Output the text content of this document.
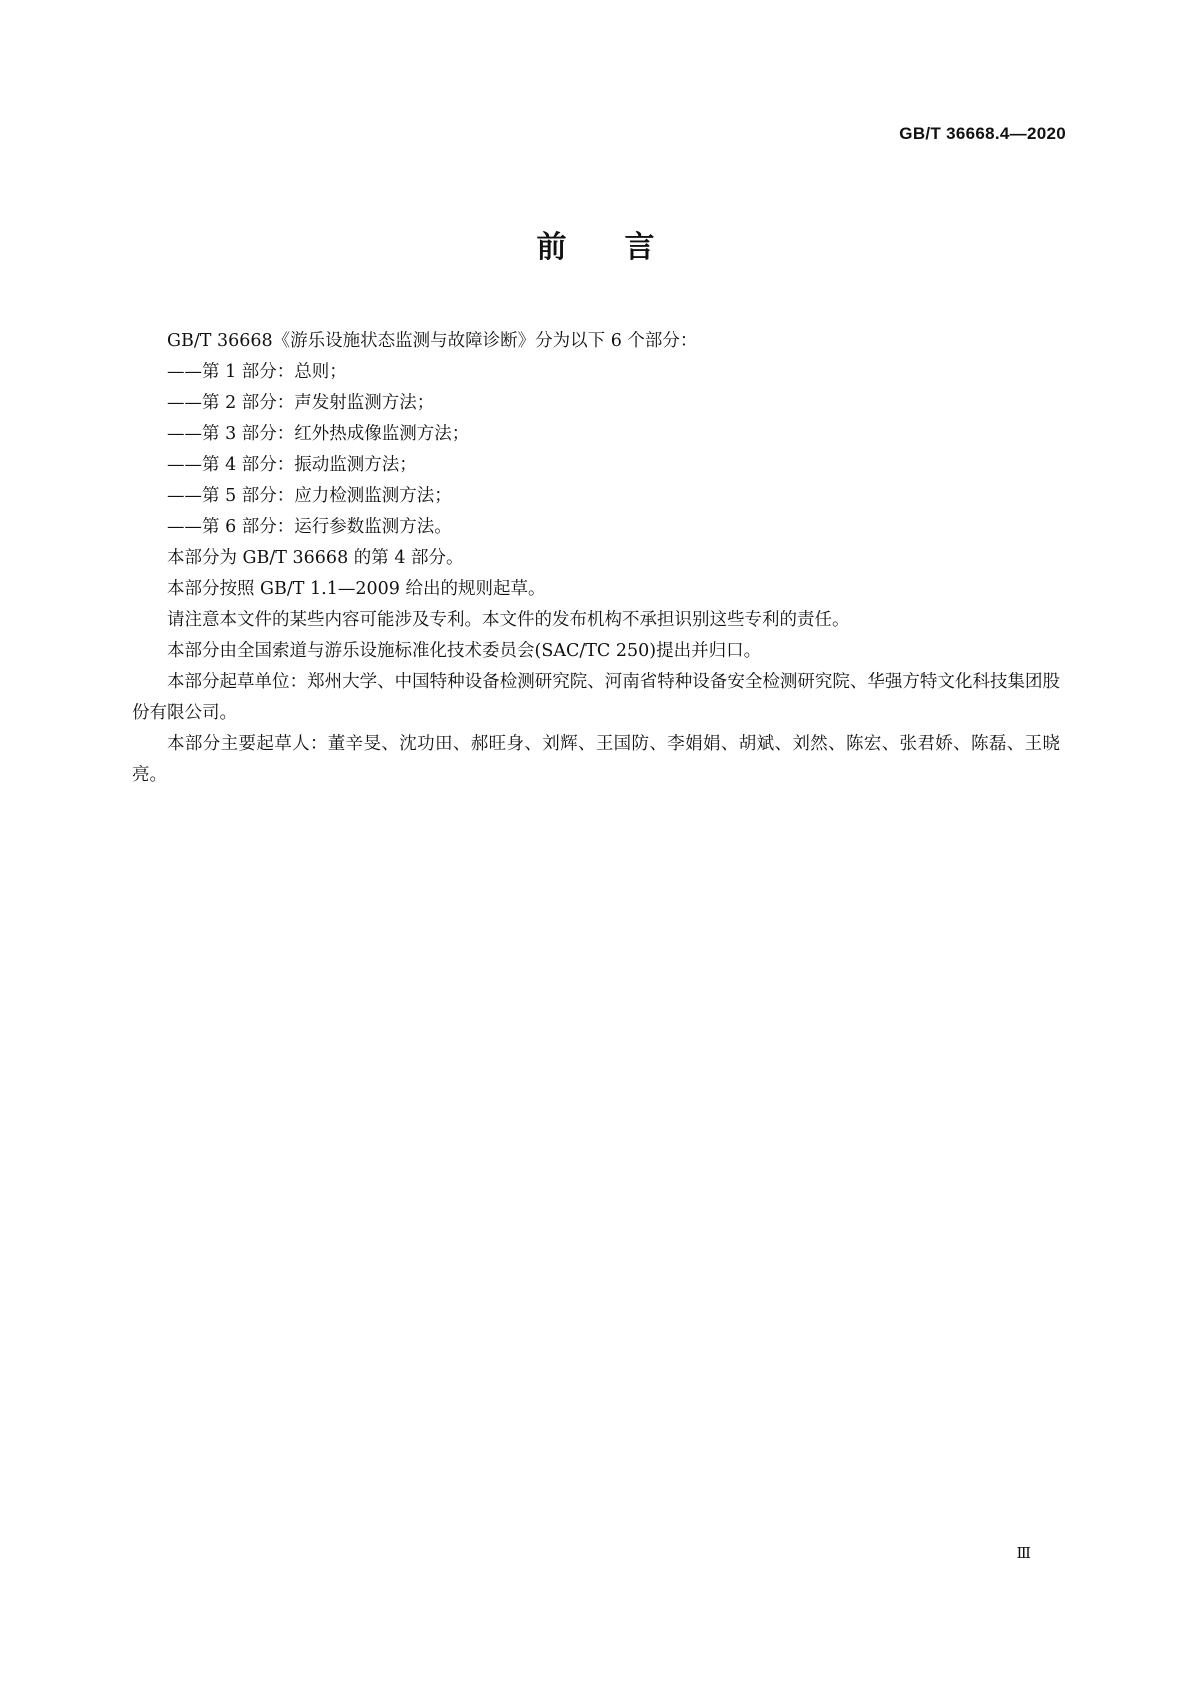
GB/T 36668.4—2020
前 言

GB/T 36668《游乐设施状态监测与故障诊断》分为以下 6 个部分：

——第 1 部分：总则；

——第 2 部分：声发射监测方法；

——第 3 部分：红外热成像监测方法；

——第 4 部分：振动监测方法；

——第 5 部分：应力检测监测方法；

——第 6 部分：运行参数监测方法。

本部分为 GB/T 36668 的第 4 部分。

本部分按照 GB/T 1.1—2009 给出的规则起草。

请注意本文件的某些内容可能涉及专利。本文件的发布机构不承担识别这些专利的责任。

本部分由全国索道与游乐设施标准化技术委员会(SAC/TC 250)提出并归口。

本部分起草单位：郑州大学、中国特种设备检测研究院、河南省特种设备安全检测研究院、华强方特文化科技集团股份有限公司。

本部分主要起草人：董辛旻、沈功田、郝旺身、刘辉、王国防、李娟娟、胡斌、刘然、陈宏、张君娇、陈磊、王晓亮。

Ⅲ
